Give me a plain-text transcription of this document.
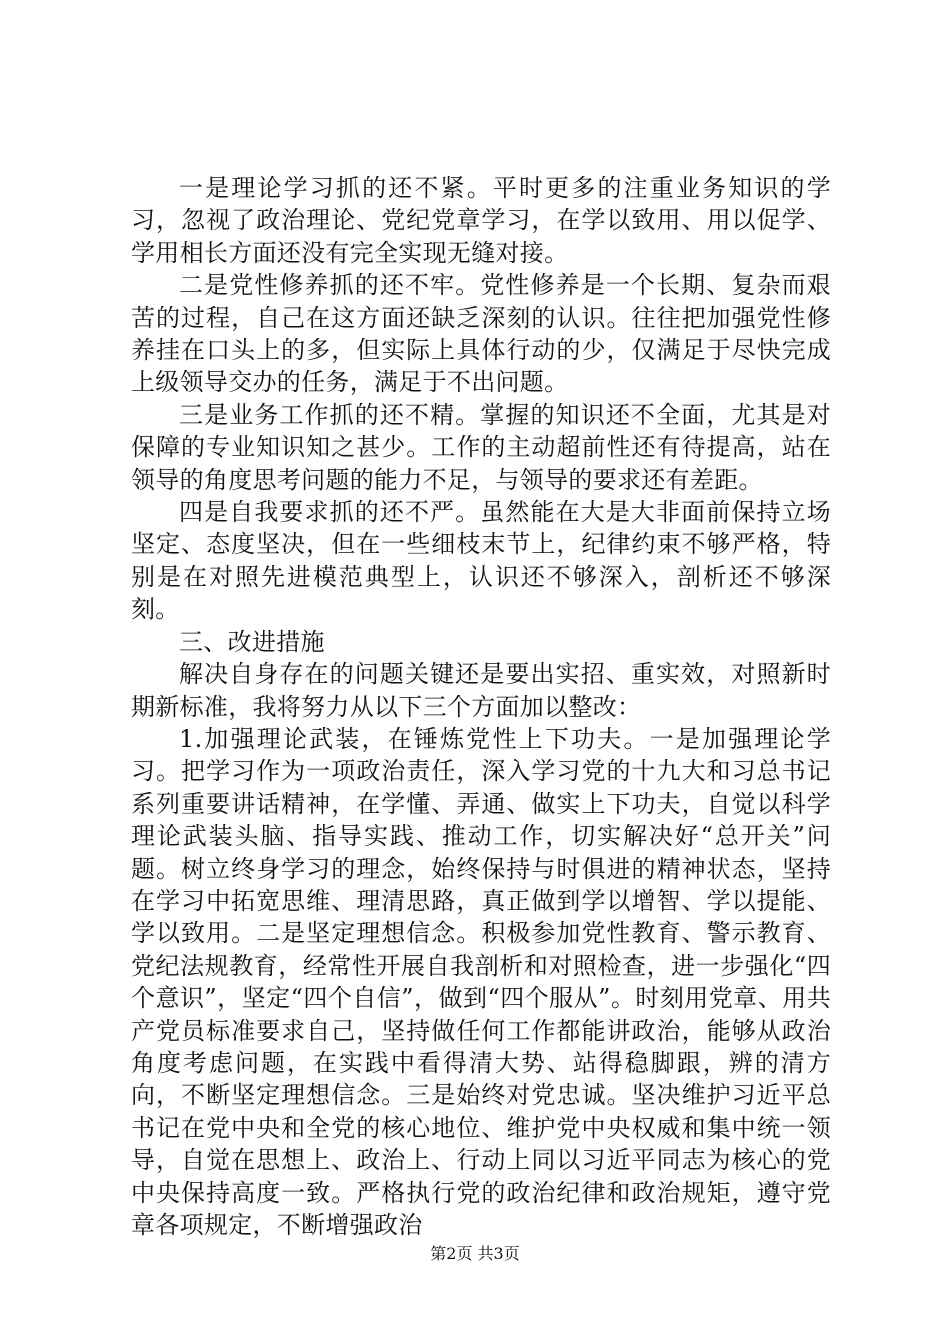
一是理论学习抓的还不紧。平时更多的注重业务知识的学习，忽视了政治理论、党纪党章学习，在学以致用、用以促学、学用相长方面还没有完全实现无缝对接。

二是党性修养抓的还不牢。党性修养是一个长期、复杂而艰苦的过程，自己在这方面还缺乏深刻的认识。往往把加强党性修养挂在口头上的多，但实际上具体行动的少，仅满足于尽快完成上级领导交办的任务，满足于不出问题。

三是业务工作抓的还不精。掌握的知识还不全面，尤其是对保障的专业知识知之甚少。工作的主动超前性还有待提高，站在领导的角度思考问题的能力不足，与领导的要求还有差距。

四是自我要求抓的还不严。虽然能在大是大非面前保持立场坚定、态度坚决，但在一些细枝末节上，纪律约束不够严格，特别是在对照先进模范典型上，认识还不够深入，剖析还不够深刻。

三、改进措施

解决自身存在的问题关键还是要出实招、重实效，对照新时期新标准，我将努力从以下三个方面加以整改：

1.加强理论武装，在锤炼党性上下功夫。一是加强理论学习。把学习作为一项政治责任，深入学习党的十九大和习总书记系列重要讲话精神，在学懂、弄通、做实上下功夫，自觉以科学理论武装头脑、指导实践、推动工作，切实解决好“总开关”问题。树立终身学习的理念，始终保持与时俱进的精神状态，坚持在学习中拓宽思维、理清思路，真正做到学以增智、学以提能、学以致用。二是坚定理想信念。积极参加党性教育、警示教育、党纪法规教育，经常性开展自我剖析和对照检查，进一步强化“四个意识”，坚定“四个自信”，做到“四个服从”。时刻用党章、用共产党员标准要求自己，坚持做任何工作都能讲政治，能够从政治角度考虑问题，在实践中看得清大势、站得稳脚跟，辨的清方向，不断坚定理想信念。三是始终对党忠诚。坚决维护习近平总书记在党中央和全党的核心地位、维护党中央权威和集中统一领导，自觉在思想上、政治上、行动上同以习近平同志为核心的党中央保持高度一致。严格执行党的政治纪律和政治规矩，遵守党章各项规定，不断增强政治

第2页 共3页
